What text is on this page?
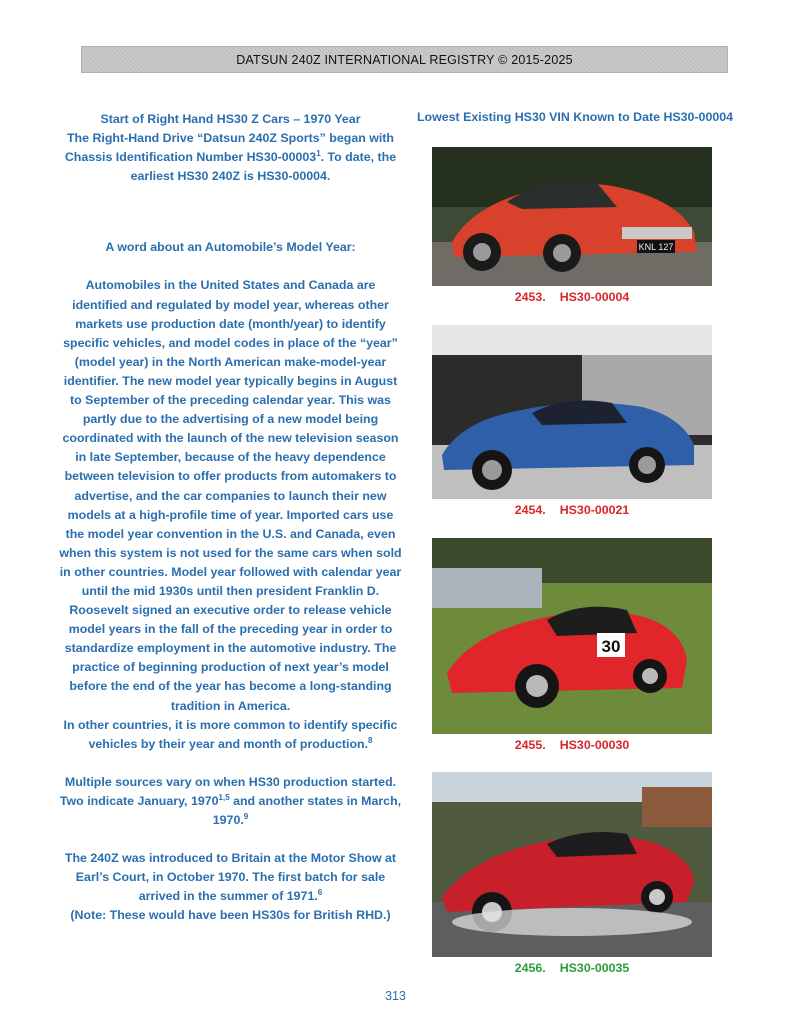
DATSUN 240Z INTERNATIONAL REGISTRY © 2015-2025

Start of Right Hand HS30 Z Cars – 1970 Year

The Right-Hand Drive “Datsun 240Z Sports” began with Chassis Identification Number HS30-00003$^1$. To date, the earliest HS30 240Z is HS30-00004.

A word about an Automobile’s Model Year:

Automobiles in the United States and Canada are identified and regulated by model year, whereas other markets use production date (month/year) to identify specific vehicles, and model codes in place of the “year” (model year) in the North American make-model-year identifier. The new model year typically begins in August to September of the preceding calendar year. This was partly due to the advertising of a new model being coordinated with the launch of the new television season in late September, because of the heavy dependence between television to offer products from automakers to advertise, and the car companies to launch their new models at a high-profile time of year. Imported cars use the model year convention in the U.S. and Canada, even when this system is not used for the same cars when sold in other countries. Model year followed with calendar year until the mid 1930s until then president Franklin D. Roosevelt signed an executive order to release vehicle model years in the fall of the preceding year in order to standardize employment in the automotive industry. The practice of beginning production of next year’s model before the end of the year has become a long-standing tradition in America.

In other countries, it is more common to identify specific vehicles by their year and month of production.$^8$

Multiple sources vary on when HS30 production started. Two indicate January, 1970$^{1,5}$ and another states in March, 1970.$^9$

The 240Z was introduced to Britain at the Motor Show at Earl’s Court, in October 1970. The first batch for sale arrived in the summer of 1971.$^6$

(Note: These would have been HS30s for British RHD.)

Lowest Existing HS30 VIN Known to Date HS30-00004
KNL 127
2453. HS30-00004
2454. HS30-00021
30
2455. HS30-00030
2456. HS30-00035
313
